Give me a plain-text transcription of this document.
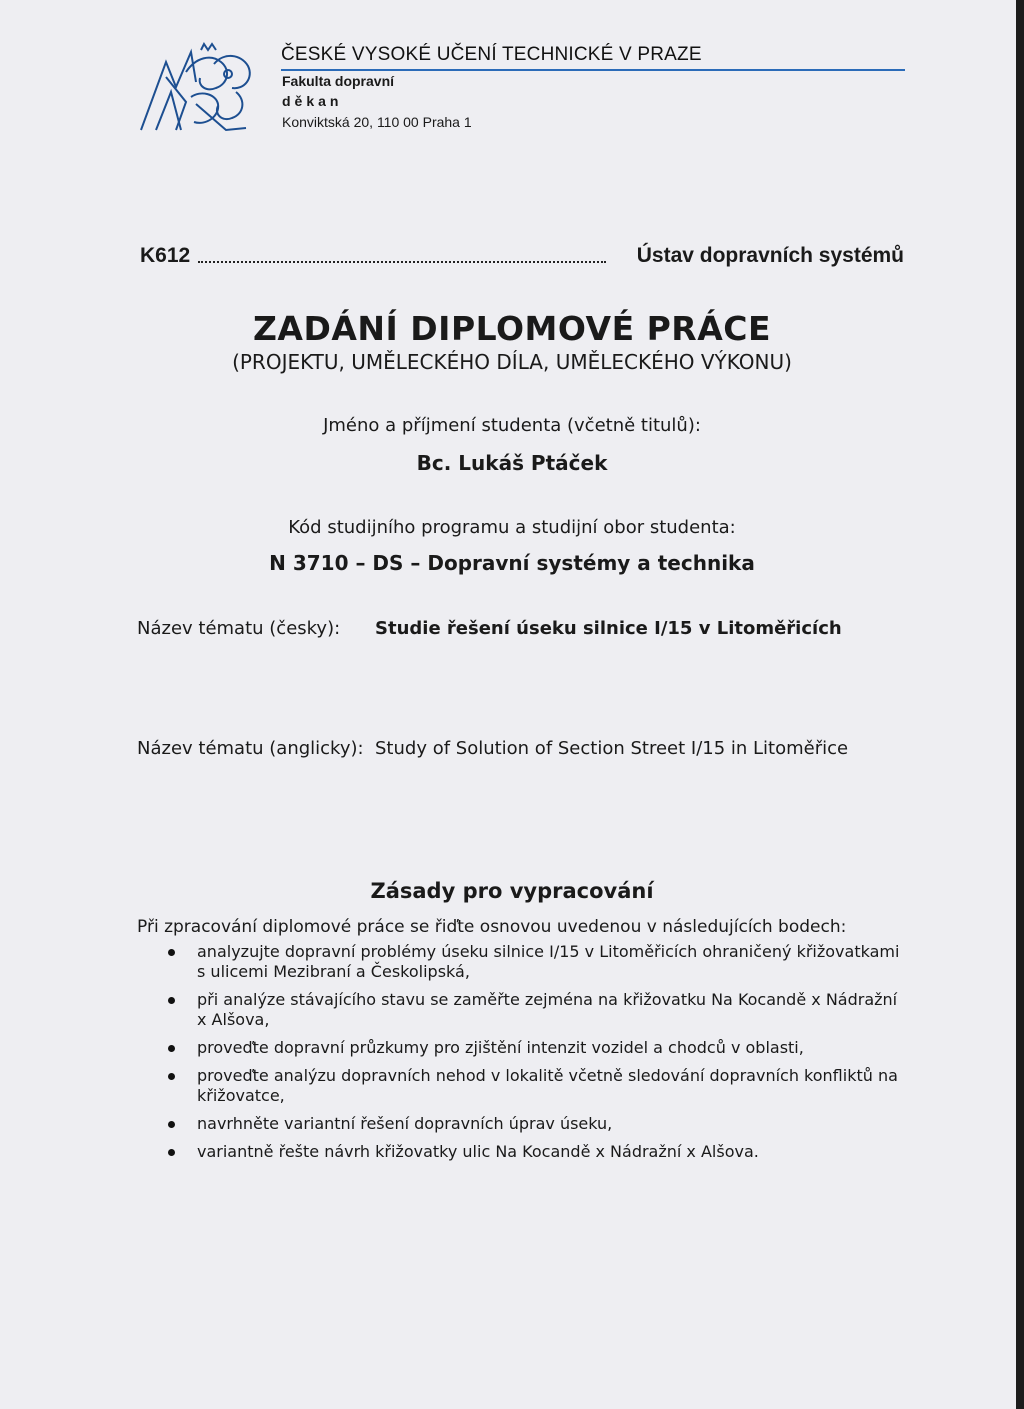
ČESKÉ VYSOKÉ UČENÍ TECHNICKÉ V PRAZE
Fakulta dopravní
děkan
Konviktská 20, 110 00 Praha 1
K612	Ústav dopravních systémů
ZADÁNÍ DIPLOMOVÉ PRÁCE
(PROJEKTU, UMĚLECKÉHO DÍLA, UMĚLECKÉHO VÝKONU)
Jméno a příjmení studenta (včetně titulů):
Bc. Lukáš Ptáček
Kód studijního programu a studijní obor studenta:
N 3710 – DS – Dopravní systémy a technika
Název tématu (česky): Studie řešení úseku silnice I/15 v Litoměřicích
Název tématu (anglicky): Study of Solution of Section Street I/15 in Litoměřice
Zásady pro vypracování
Při zpracování diplomové práce se řiďte osnovou uvedenou v následujících bodech:
analyzujte dopravní problémy úseku silnice I/15 v Litoměřicích ohraničený křižovatkami s ulicemi Mezibraní a Českolipská,
při analýze stávajícího stavu se zaměřte zejména na křižovatku Na Kocandě x Nádražní x Alšova,
proveďte dopravní průzkumy pro zjištění intenzit vozidel a chodců v oblasti,
proveďte analýzu dopravních nehod v lokalitě včetně sledování dopravních konfliktů na křižovatce,
navrhněte variantní řešení dopravních úprav úseku,
variantně řešte návrh křižovatky ulic Na Kocandě x Nádražní x Alšova.
